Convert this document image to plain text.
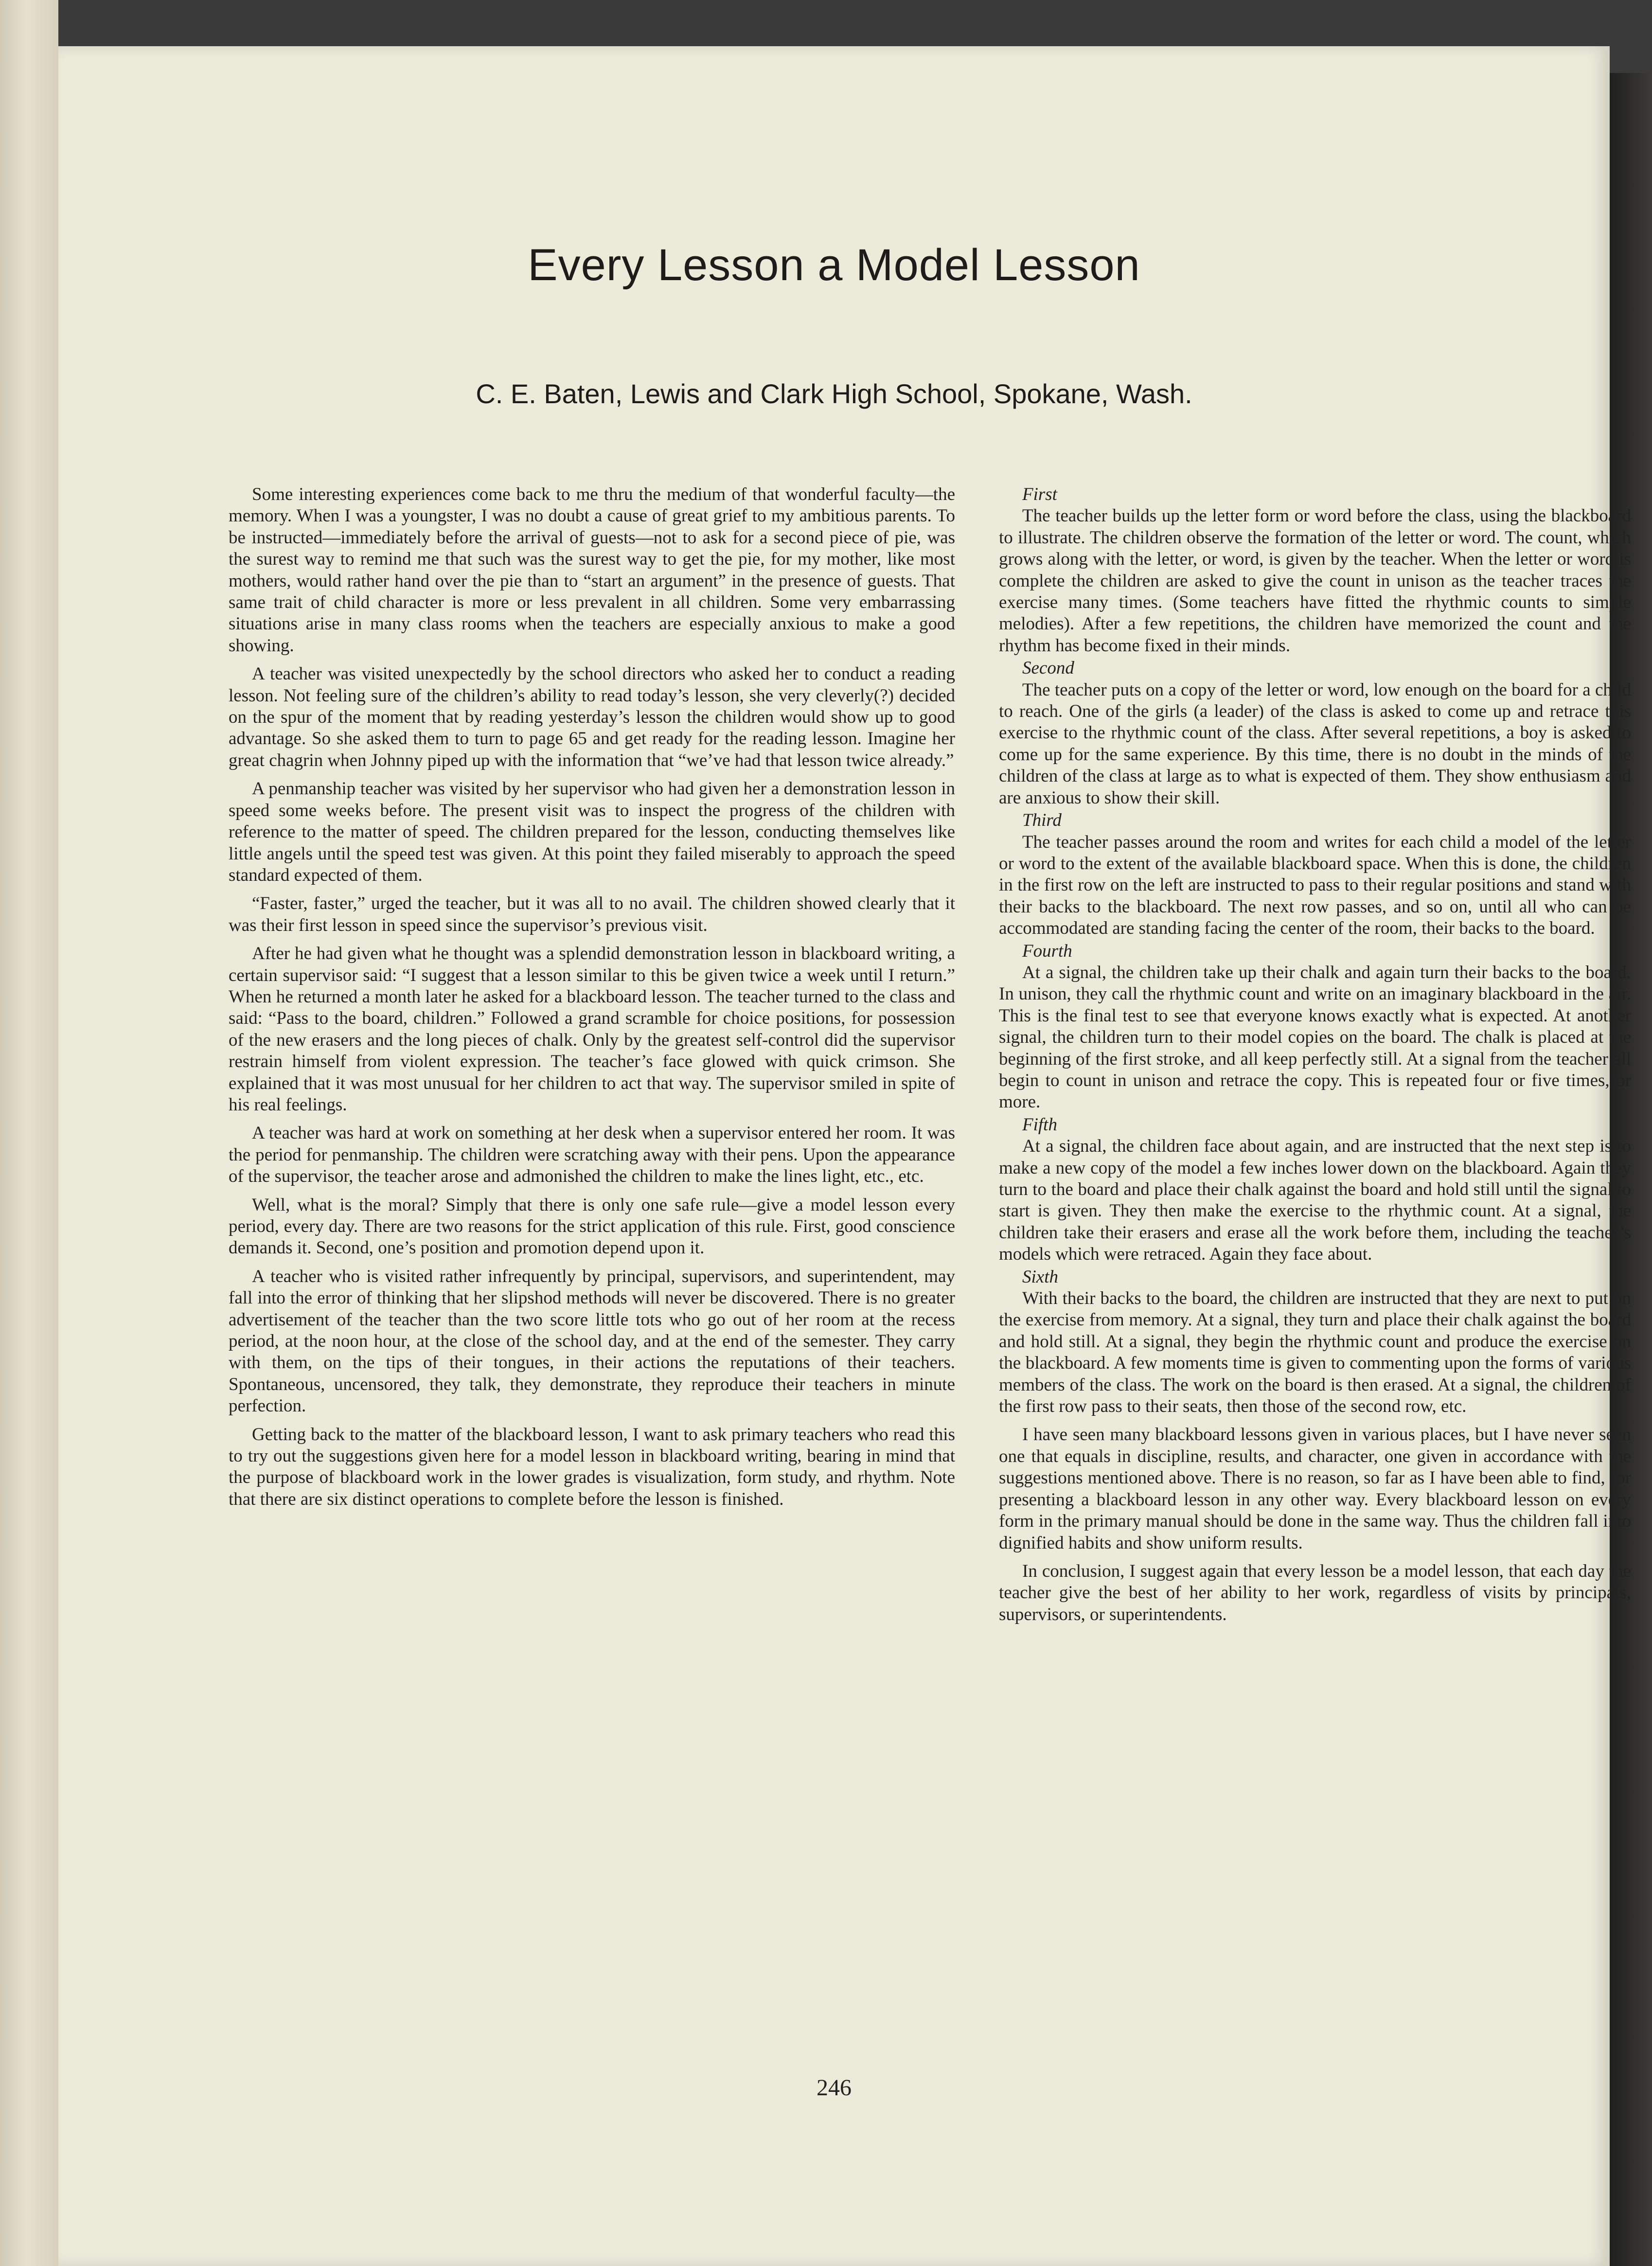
Every Lesson a Model Lesson
C. E. Baten, Lewis and Clark High School, Spokane, Wash.

Some interesting experiences come back to me thru the medium of that wonderful faculty—the memory. When I was a youngster, I was no doubt a cause of great grief to my ambitious parents. To be instructed—immediately before the arrival of guests—not to ask for a second piece of pie, was the surest way to remind me that such was the surest way to get the pie, for my mother, like most mothers, would rather hand over the pie than to “start an argument” in the presence of guests. That same trait of child character is more or less prevalent in all children. Some very embarrassing situations arise in many class rooms when the teachers are especially anxious to make a good showing.

A teacher was visited unexpectedly by the school directors who asked her to conduct a reading lesson. Not feeling sure of the children’s ability to read today’s lesson, she very cleverly(?) decided on the spur of the moment that by reading yesterday’s lesson the children would show up to good advantage. So she asked them to turn to page 65 and get ready for the reading lesson. Imagine her great chagrin when Johnny piped up with the information that “we’ve had that lesson twice already.”

A penmanship teacher was visited by her supervisor who had given her a demonstration lesson in speed some weeks before. The present visit was to inspect the progress of the children with reference to the matter of speed. The children prepared for the lesson, conducting themselves like little angels until the speed test was given. At this point they failed miserably to approach the speed standard expected of them.

“Faster, faster,” urged the teacher, but it was all to no avail. The children showed clearly that it was their first lesson in speed since the supervisor’s previous visit.

After he had given what he thought was a splendid demonstration lesson in blackboard writing, a certain supervisor said: “I suggest that a lesson similar to this be given twice a week until I return.” When he returned a month later he asked for a blackboard lesson. The teacher turned to the class and said: “Pass to the board, children.” Followed a grand scramble for choice positions, for possession of the new erasers and the long pieces of chalk. Only by the greatest self-control did the supervisor restrain himself from violent expression. The teacher’s face glowed with quick crimson. She explained that it was most unusual for her children to act that way. The supervisor smiled in spite of his real feelings.

A teacher was hard at work on something at her desk when a supervisor entered her room. It was the period for penmanship. The children were scratching away with their pens. Upon the appearance of the supervisor, the teacher arose and admonished the children to make the lines light, etc., etc.

Well, what is the moral? Simply that there is only one safe rule—give a model lesson every period, every day. There are two reasons for the strict application of this rule. First, good conscience demands it. Second, one’s position and promotion depend upon it.

A teacher who is visited rather infrequently by principal, supervisors, and superintendent, may fall into the error of thinking that her slipshod methods will never be discovered. There is no greater advertisement of the teacher than the two score little tots who go out of her room at the recess period, at the noon hour, at the close of the school day, and at the end of the semester. They carry with them, on the tips of their tongues, in their actions the reputations of their teachers. Spontaneous, uncensored, they talk, they demonstrate, they reproduce their teachers in minute perfection.

Getting back to the matter of the blackboard lesson, I want to ask primary teachers who read this to try out the suggestions given here for a model lesson in blackboard writing, bearing in mind that the purpose of blackboard work in the lower grades is visualization, form study, and rhythm. Note that there are six distinct operations to complete before the lesson is finished.

First

The teacher builds up the letter form or word before the class, using the blackboard to illustrate. The children observe the formation of the letter or word. The count, which grows along with the letter, or word, is given by the teacher. When the letter or word is complete the children are asked to give the count in unison as the teacher traces the exercise many times. (Some teachers have fitted the rhythmic counts to simple melodies). After a few repetitions, the children have memorized the count and the rhythm has become fixed in their minds.

Second

The teacher puts on a copy of the letter or word, low enough on the board for a child to reach. One of the girls (a leader) of the class is asked to come up and retrace this exercise to the rhythmic count of the class. After several repetitions, a boy is asked to come up for the same experience. By this time, there is no doubt in the minds of the children of the class at large as to what is expected of them. They show enthusiasm and are anxious to show their skill.

Third

The teacher passes around the room and writes for each child a model of the letter or word to the extent of the available blackboard space. When this is done, the children in the first row on the left are instructed to pass to their regular positions and stand with their backs to the blackboard. The next row passes, and so on, until all who can be accommodated are standing facing the center of the room, their backs to the board.

Fourth

At a signal, the children take up their chalk and again turn their backs to the board. In unison, they call the rhythmic count and write on an imaginary blackboard in the air. This is the final test to see that everyone knows exactly what is expected. At another signal, the children turn to their model copies on the board. The chalk is placed at the beginning of the first stroke, and all keep perfectly still. At a signal from the teacher all begin to count in unison and retrace the copy. This is repeated four or five times, or more.

Fifth

At a signal, the children face about again, and are instructed that the next step is to make a new copy of the model a few inches lower down on the blackboard. Again they turn to the board and place their chalk against the board and hold still until the signal to start is given. They then make the exercise to the rhythmic count. At a signal, the children take their erasers and erase all the work before them, including the teacher’s models which were retraced. Again they face about.

Sixth

With their backs to the board, the children are instructed that they are next to put on the exercise from memory. At a signal, they turn and place their chalk against the board and hold still. At a signal, they begin the rhythmic count and produce the exercise on the blackboard. A few moments time is given to commenting upon the forms of various members of the class. The work on the board is then erased. At a signal, the children of the first row pass to their seats, then those of the second row, etc.

I have seen many blackboard lessons given in various places, but I have never seen one that equals in discipline, results, and character, one given in accordance with the suggestions mentioned above. There is no reason, so far as I have been able to find, for presenting a blackboard lesson in any other way. Every blackboard lesson on every form in the primary manual should be done in the same way. Thus the children fall into dignified habits and show uniform results.

In conclusion, I suggest again that every lesson be a model lesson, that each day the teacher give the best of her ability to her work, regardless of visits by principals, supervisors, or superintendents.

246
